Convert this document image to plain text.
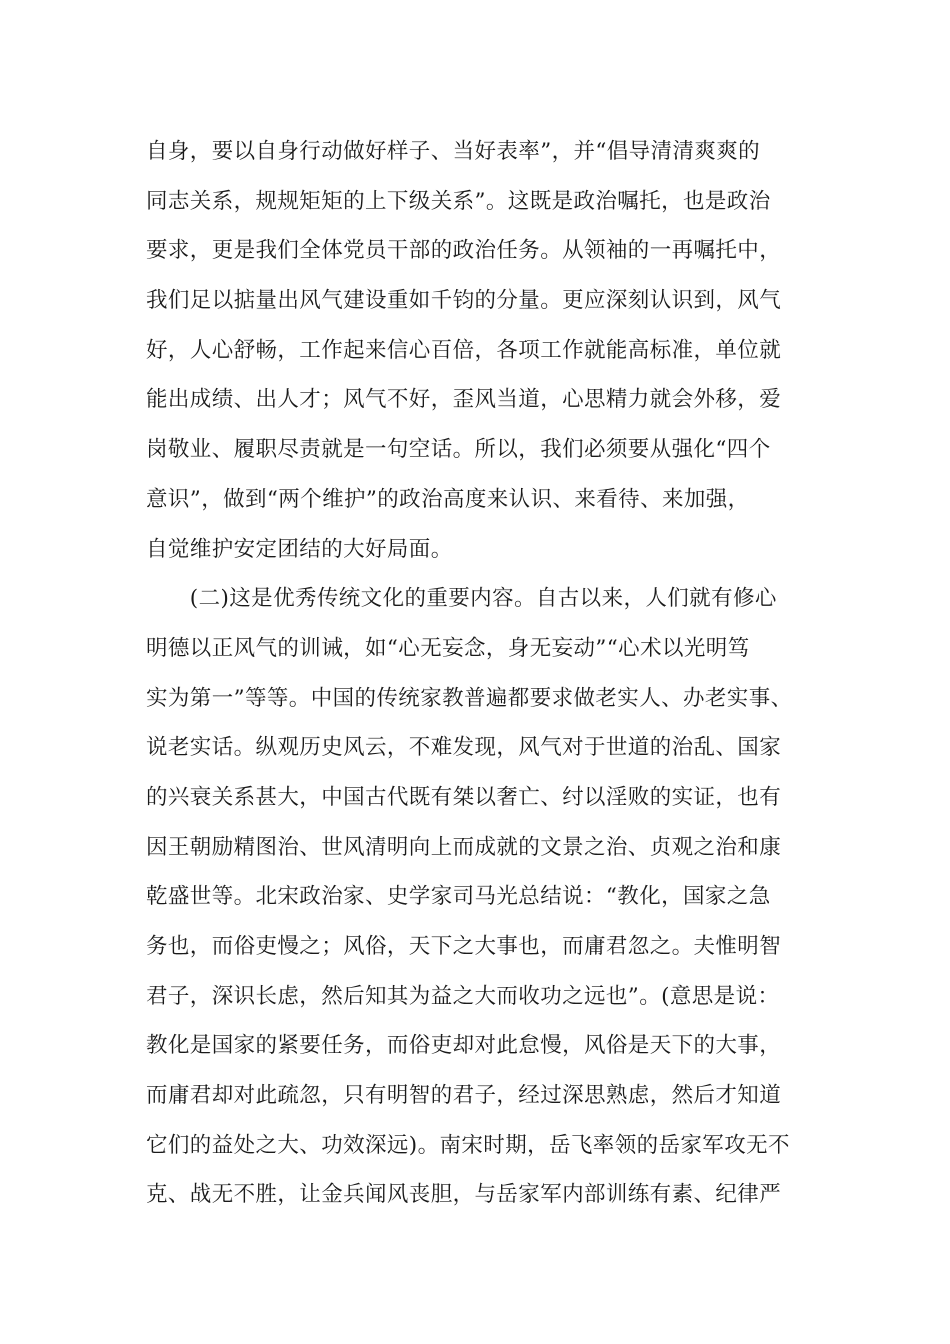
自身，要以自身行动做好样子、当好表率”，并“倡导清清爽爽的
同志关系，规规矩矩的上下级关系”。这既是政治嘱托，也是政治
要求，更是我们全体党员干部的政治任务。从领袖的一再嘱托中，
我们足以掂量出风气建设重如千钧的分量。更应深刻认识到，风气
好，人心舒畅，工作起来信心百倍，各项工作就能高标准，单位就
能出成绩、出人才；风气不好，歪风当道，心思精力就会外移，爱
岗敬业、履职尽责就是一句空话。所以，我们必须要从强化“四个
意识”，做到“两个维护”的政治高度来认识、来看待、来加强，
自觉维护安定团结的大好局面。
　　(二)这是优秀传统文化的重要内容。自古以来，人们就有修心
明德以正风气的训诫，如“心无妄念，身无妄动”“心术以光明笃
实为第一”等等。中国的传统家教普遍都要求做老实人、办老实事、
说老实话。纵观历史风云，不难发现，风气对于世道的治乱、国家
的兴衰关系甚大，中国古代既有桀以奢亡、纣以淫败的实证，也有
因王朝励精图治、世风清明向上而成就的文景之治、贞观之治和康
乾盛世等。北宋政治家、史学家司马光总结说：“教化，国家之急
务也，而俗吏慢之；风俗，天下之大事也，而庸君忽之。夫惟明智
君子，深识长虑，然后知其为益之大而收功之远也”。(意思是说：
教化是国家的紧要任务，而俗吏却对此怠慢，风俗是天下的大事，
而庸君却对此疏忽，只有明智的君子，经过深思熟虑，然后才知道
它们的益处之大、功效深远)。南宋时期，岳飞率领的岳家军攻无不
克、战无不胜，让金兵闻风丧胆，与岳家军内部训练有素、纪律严
